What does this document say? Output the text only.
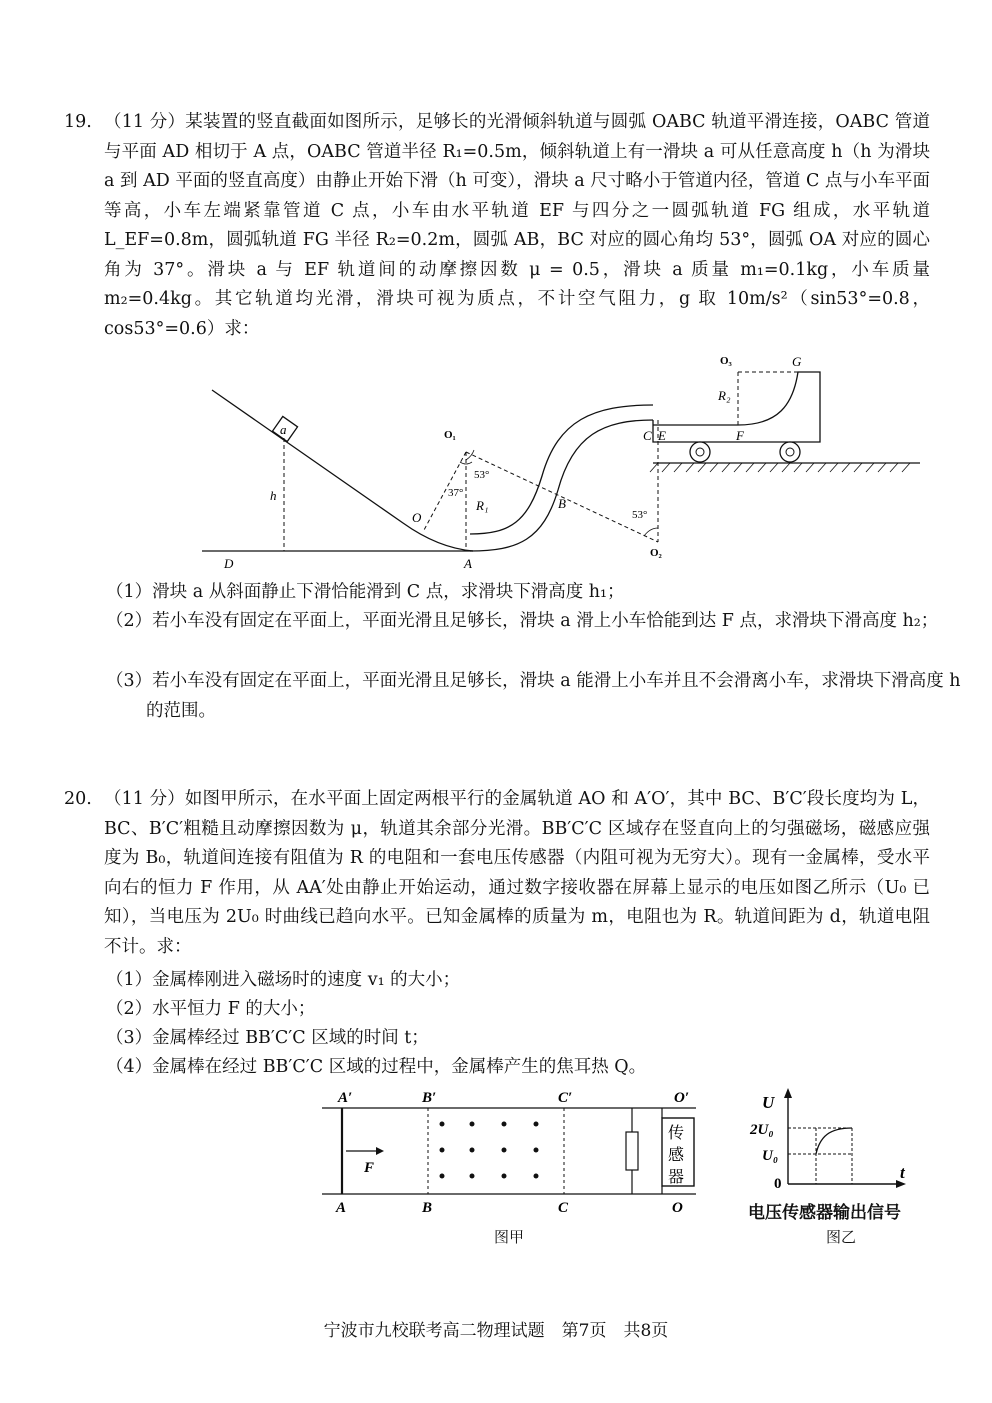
19. （11 分）某装置的竖直截面如图所示，足够长的光滑倾斜轨道与圆弧 OABC 轨道平滑连接，OABC 管道与平面 AD 相切于 A 点，OABC 管道半径 R₁=0.5m，倾斜轨道上有一滑块 a 可从任意高度 h（h 为滑块 a 到 AD 平面的竖直高度）由静止开始下滑（h 可变），滑块 a 尺寸略小于管道内径，管道 C 点与小车平面等高，小车左端紧靠管道 C 点，小车由水平轨道 EF 与四分之一圆弧轨道 FG 组成，水平轨道 L_EF=0.8m，圆弧轨道 FG 半径 R₂=0.2m，圆弧 AB，BC 对应的圆心角均 53°，圆弧 OA 对应的圆心角为 37°。滑块 a 与 EF 轨道间的动摩擦因数 μ = 0.5，滑块 a 质量 m₁=0.1kg，小车质量 m₂=0.4kg。其它轨道均光滑，滑块可视为质点，不计空气阻力，g 取 10m/s²（sin53°=0.8，cos53°=0.6）求：
a
h
D
O
A
O₁
37°
53°
R₁	B
53°
O₂
C E	F
O₃	G
R₂
（1）滑块 a 从斜面静止下滑恰能滑到 C 点，求滑块下滑高度 h₁；
（2）若小车没有固定在平面上，平面光滑且足够长，滑块 a 滑上小车恰能到达 F 点，求滑块下滑高度 h₂；
（3）若小车没有固定在平面上，平面光滑且足够长，滑块 a 能滑上小车并且不会滑离小车，求滑块下滑高度 h 的范围。
20. （11 分）如图甲所示，在水平面上固定两根平行的金属轨道 AO 和 A′O′，其中 BC、B′C′段长度均为 L，BC、B′C′粗糙且动摩擦因数为 μ，轨道其余部分光滑。BB′C′C 区域存在竖直向上的匀强磁场，磁感应强度为 B₀，轨道间连接有阻值为 R 的电阻和一套电压传感器（内阻可视为无穷大）。现有一金属棒，受水平向右的恒力 F 作用，从 AA′处由静止开始运动，通过数字接收器在屏幕上显示的电压如图乙所示（U₀ 已知），当电压为 2U₀ 时曲线已趋向水平。已知金属棒的质量为 m，电阻也为 R。轨道间距为 d，轨道电阻不计。求：
（1）金属棒刚进入磁场时的速度 v₁ 的大小；
（2）水平恒力 F 的大小；
（3）金属棒经过 BB′C′C 区域的时间 t；
（4）金属棒在经过 BB′C′C 区域的过程中，金属棒产生的焦耳热 Q。
传
感
器
A′	B′	C′	O′
A	B	C	O
F
图甲
U
2U₀
U₀
0
t
电压传感器输出信号
图乙
宁波市九校联考高二物理试题　第7页　共8页
